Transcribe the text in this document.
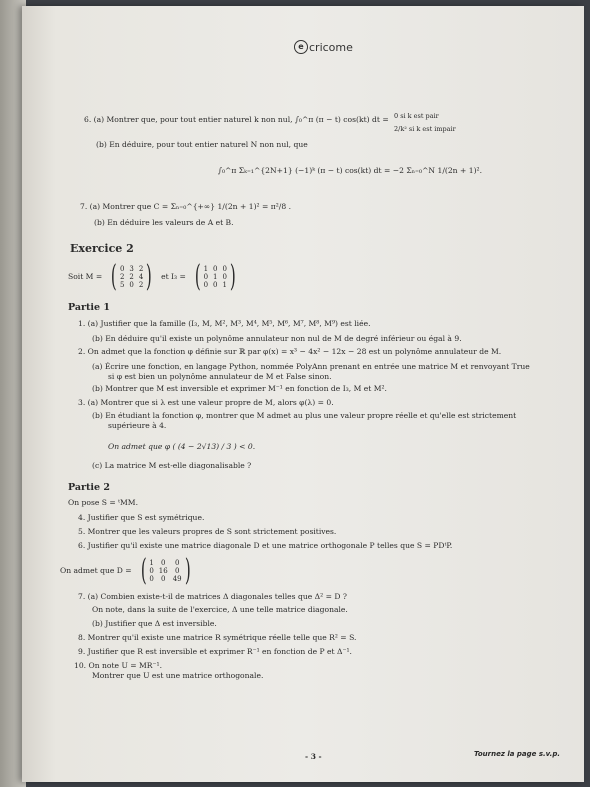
e cricome
6. (a) Montrer que, pour tout entier naturel k non nul, ∫₀^π (π − t) cos(kt) dt = 0 si k est pair
2/k² si k est impair
(b) En déduire, pour tout entier naturel N non nul, que
∫₀^π Σₖ₌₁^{2N+1} (−1)ᵏ (π − t) cos(kt) dt = −2 Σₙ₌₀^N 1/(2n + 1)².
7. (a) Montrer que C = Σₙ₌₀^{+∞} 1/(2n + 1)² = π²/8 .
(b) En déduire les valeurs de A et B.
Exercice 2
Soit M = ( 0 3 2
2 2 4
5 0 2 ) et I₃ = ( 1 0 0
0 1 0
0 0 1 )
Partie 1
1. (a) Justifier que la famille (I₃, M, M², M³, M⁴, M⁵, M⁶, M⁷, M⁸, M⁹) est liée.
(b) En déduire qu'il existe un polynôme annulateur non nul de M de degré inférieur ou égal à 9.
2. On admet que la fonction φ définie sur ℝ par φ(x) = x³ − 4x² − 12x − 28 est un polynôme annulateur de M.
(a) Écrire une fonction, en langage Python, nommée PolyAnn prenant en entrée une matrice M et renvoyant True
si φ est bien un polynôme annulateur de M et False sinon.
(b) Montrer que M est inversible et exprimer M⁻¹ en fonction de I₃, M et M².
3. (a) Montrer que si λ est une valeur propre de M, alors φ(λ) = 0.
(b) En étudiant la fonction φ, montrer que M admet au plus une valeur propre réelle et qu'elle est strictement
supérieure à 4.
On admet que φ ( (4 − 2√13) / 3 ) < 0.
(c) La matrice M est-elle diagonalisable ?
Partie 2
On pose S = ᵗMM.
4. Justifier que S est symétrique.
5. Montrer que les valeurs propres de S sont strictement positives.
6. Justifier qu'il existe une matrice diagonale D et une matrice orthogonale P telles que S = PDᵗP.
On admet que D = ( 1	0	0
0 16	0
0	0	49 )
7. (a) Combien existe-t-il de matrices Δ diagonales telles que Δ² = D ?
On note, dans la suite de l'exercice, Δ une telle matrice diagonale.
(b) Justifier que Δ est inversible.
8. Montrer qu'il existe une matrice R symétrique réelle telle que R² = S.
9. Justifier que R est inversible et exprimer R⁻¹ en fonction de P et Δ⁻¹.
10. On note U = MR⁻¹.
Montrer que U est une matrice orthogonale.
- 3 -	Tournez la page s.v.p.
